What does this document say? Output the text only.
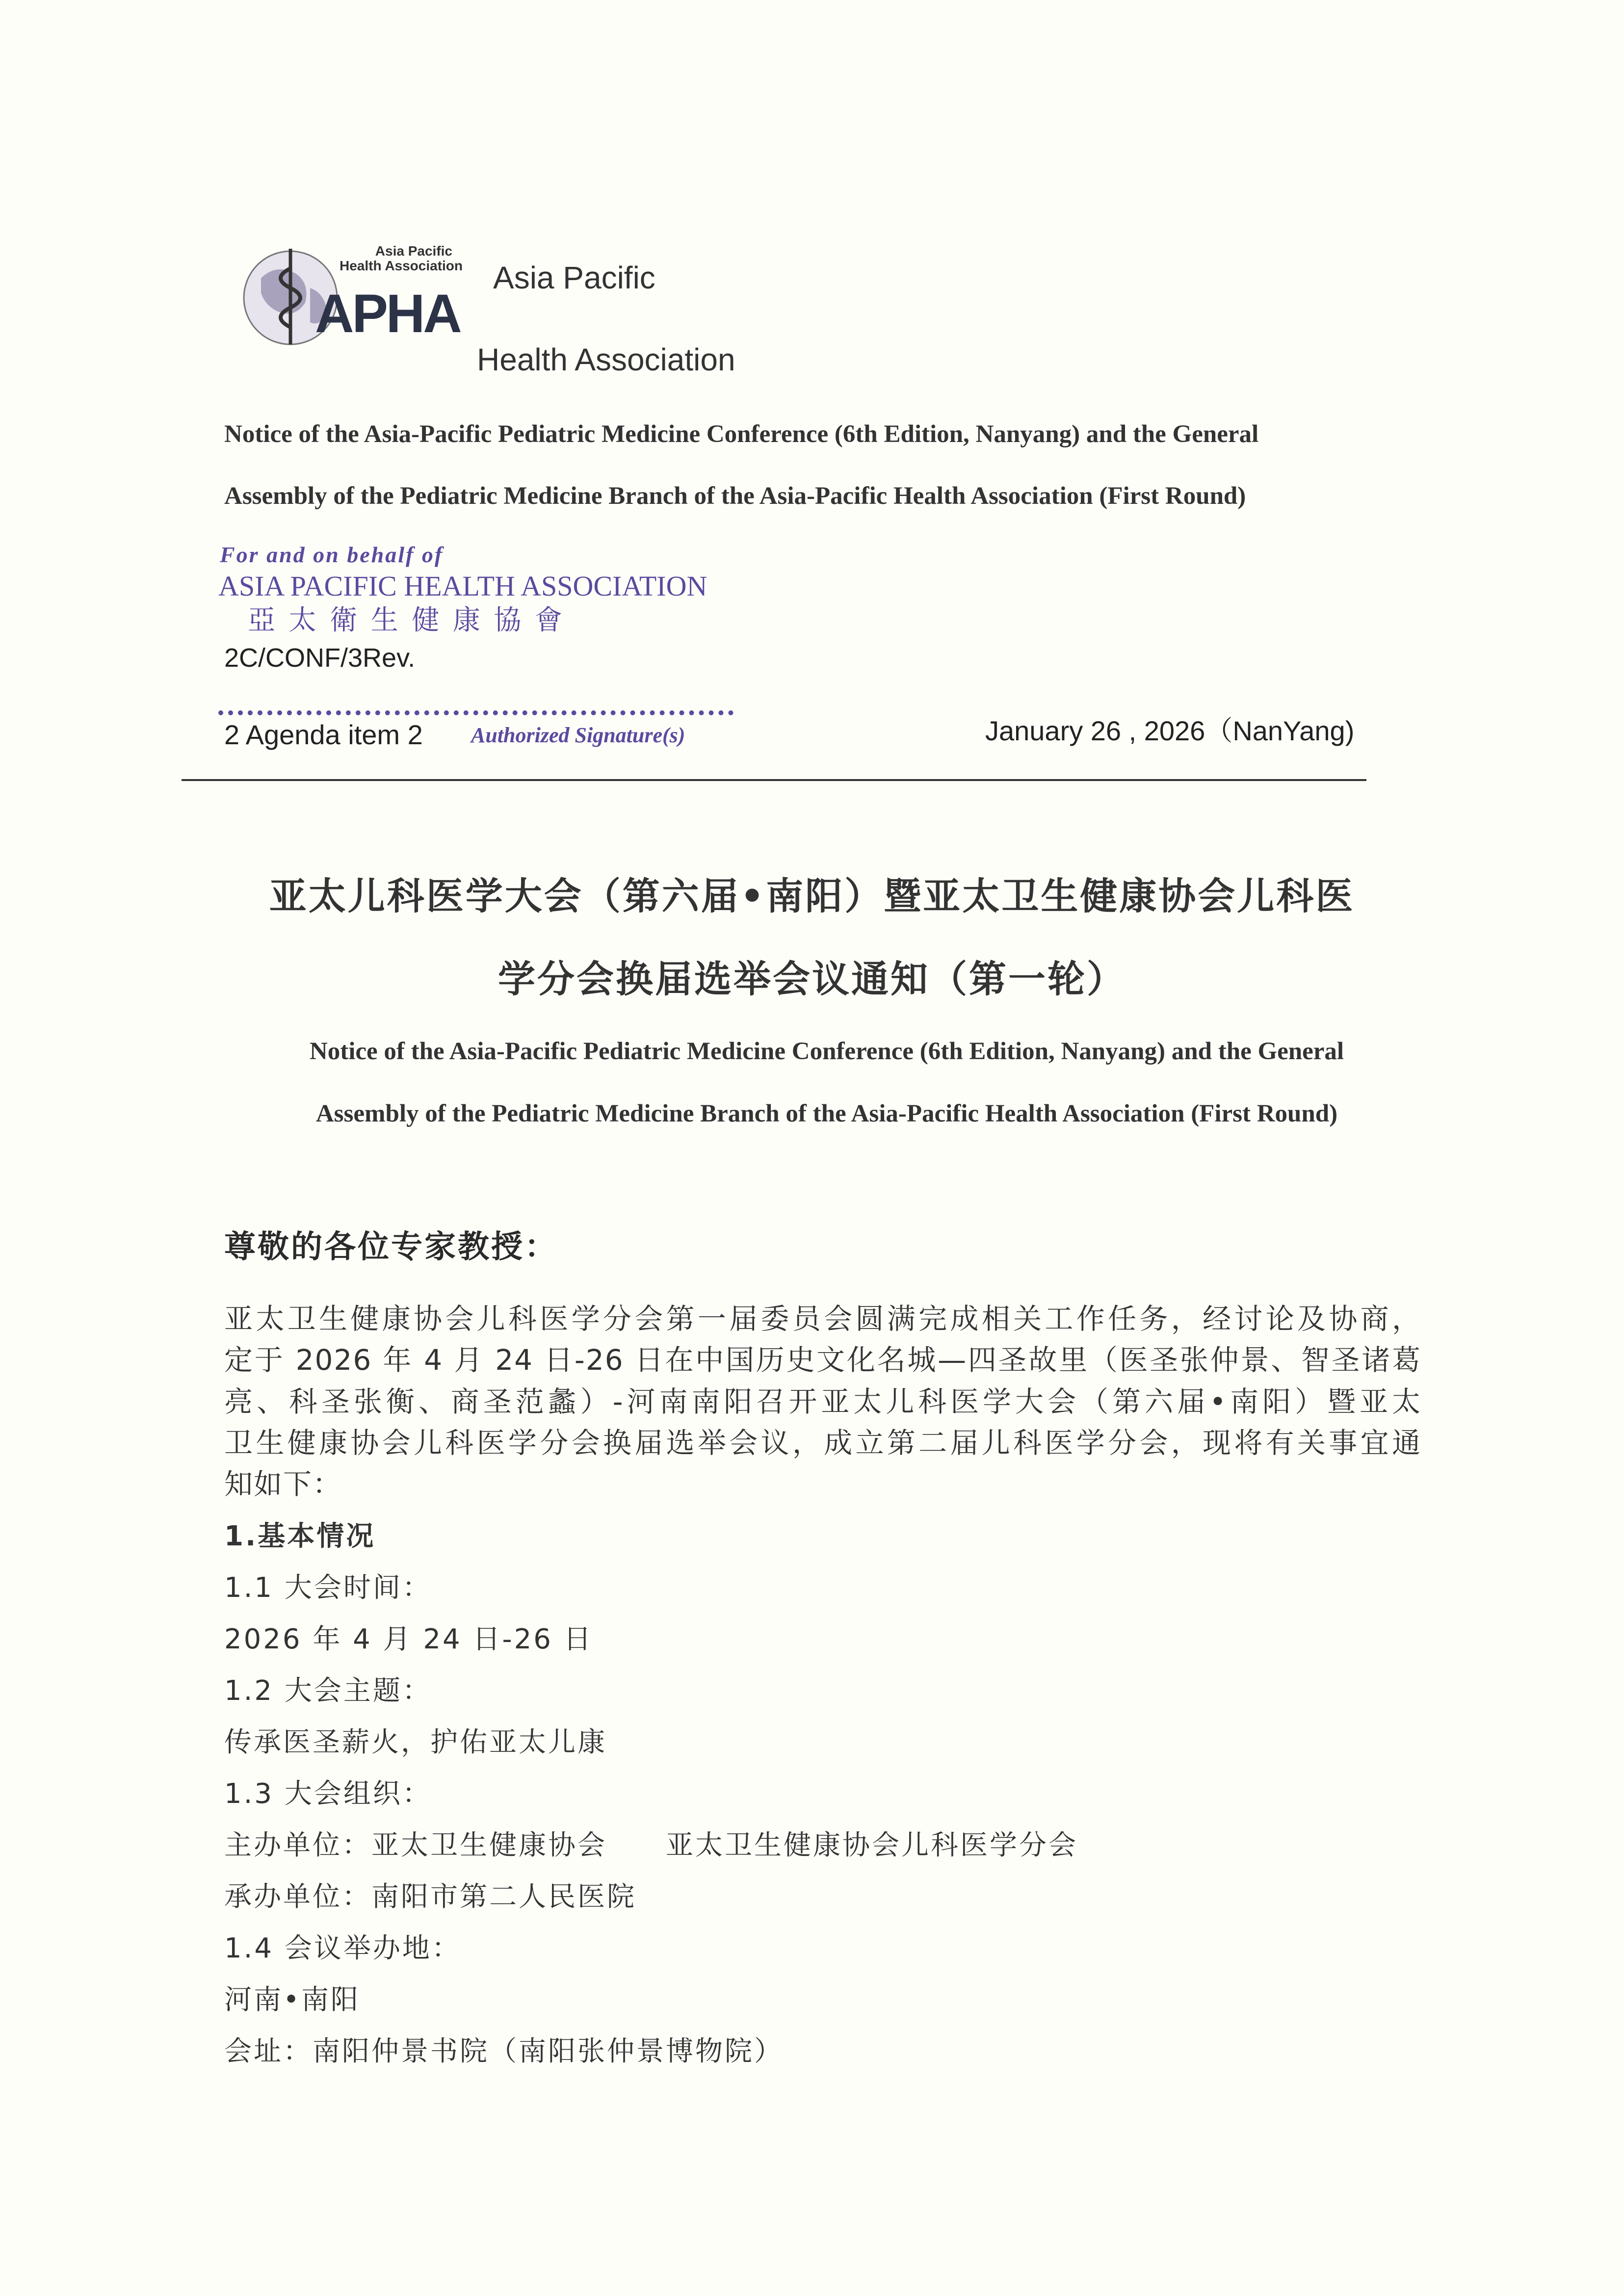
Asia Pacific
Health Association
APHA
Asia Pacific
Health Association
Notice of the Asia-Pacific Pediatric Medicine Conference (6th Edition, Nanyang) and the General
Assembly of the Pediatric Medicine Branch of the Asia-Pacific Health Association (First Round)
For and on behalf of
ASIA PACIFIC HEALTH ASSOCIATION
亞 太 衛 生 健 康 協 會
2C/CONF/3Rev.
2 Agenda item 2 Authorized Signature(s)	January 26 , 2026（NanYang)
亚太儿科医学大会（第六届•南阳）暨亚太卫生健康协会儿科医
学分会换届选举会议通知（第一轮）
Notice of the Asia-Pacific Pediatric Medicine Conference (6th Edition, Nanyang) and the General
Assembly of the Pediatric Medicine Branch of the Asia-Pacific Health Association (First Round)
尊敬的各位专家教授：
亚太卫生健康协会儿科医学分会第一届委员会圆满完成相关工作任务，经讨论及协商，
定于 2026 年 4 月 24 日-26 日在中国历史文化名城—四圣故里（医圣张仲景、智圣诸葛
亮、科圣张衡、商圣范蠡）-河南南阳召开亚太儿科医学大会（第六届•南阳）暨亚太
卫生健康协会儿科医学分会换届选举会议，成立第二届儿科医学分会，现将有关事宜通
知如下：
1.基本情况
1.1 大会时间：
2026 年 4 月 24 日-26 日
1.2 大会主题：
传承医圣薪火，护佑亚太儿康
1.3 大会组织：
主办单位：亚太卫生健康协会　　亚太卫生健康协会儿科医学分会
承办单位：南阳市第二人民医院
1.4 会议举办地：
河南•南阳
会址：南阳仲景书院（南阳张仲景博物院）
